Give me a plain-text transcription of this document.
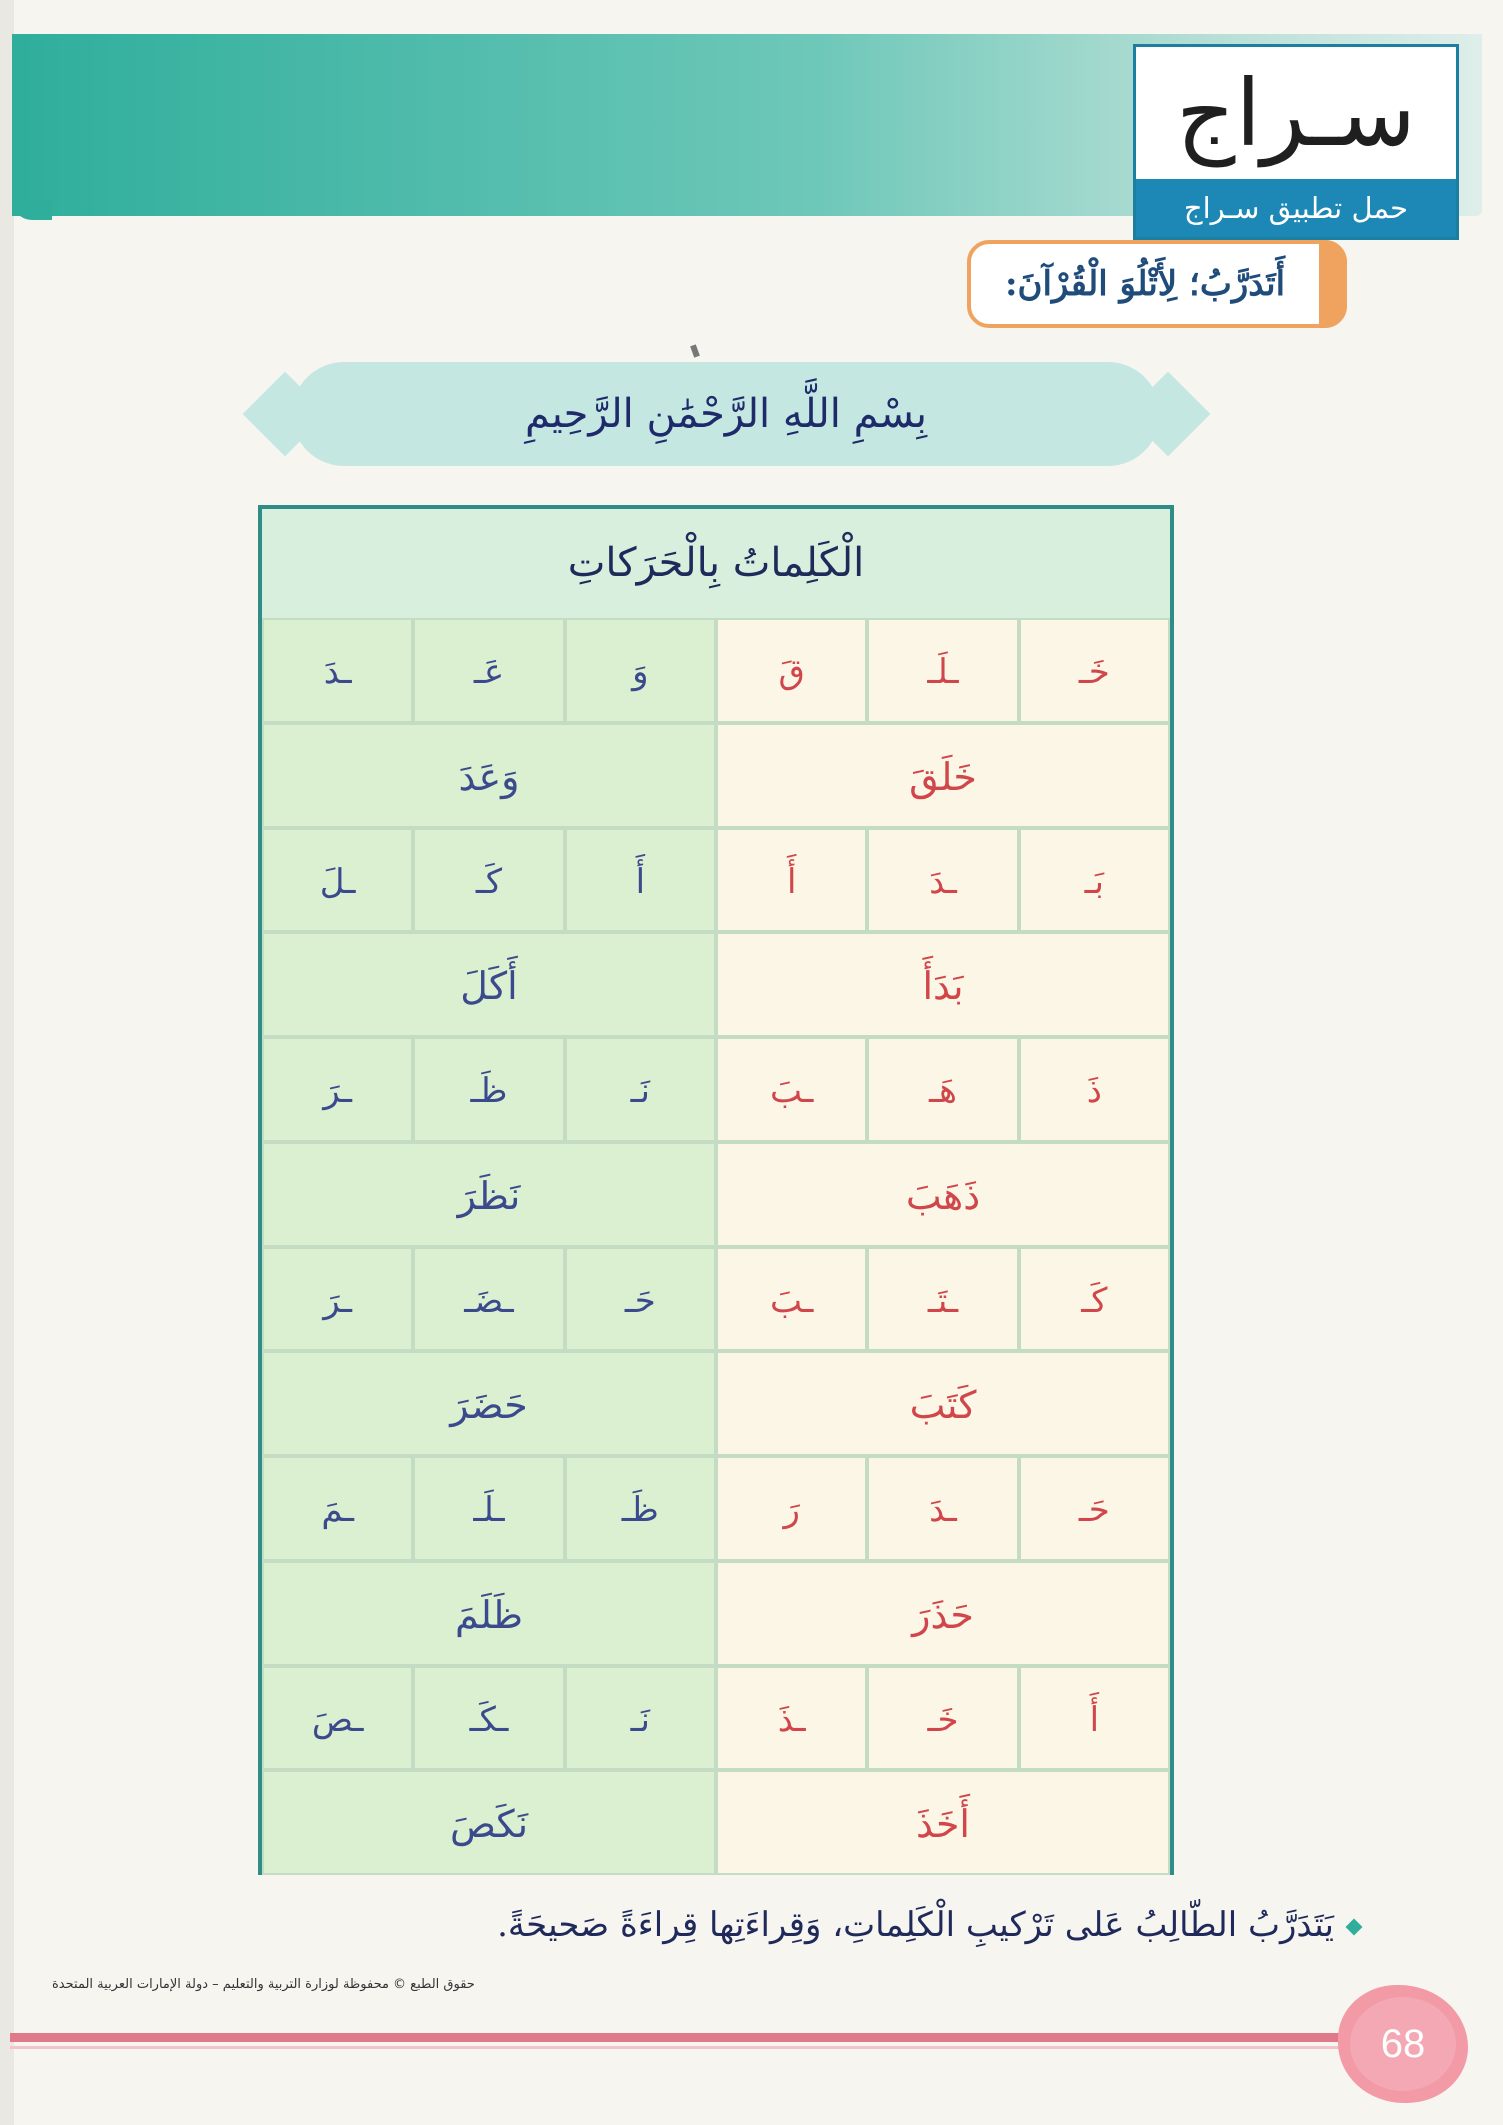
سـراج
حمل تطبيق سـراج
أَتَدَرَّبُ؛ لِأَتْلُوَ الْقُرْآنَ:
بِسْمِ اللَّهِ الرَّحْمَٰنِ الرَّحِيمِ
الْكَلِماتُ بِالْحَرَكاتِ
خَـ
ـلَـ
قَ
وَ
عَـ
ـدَ
خَلَقَ
وَعَدَ
بَـ
ـدَ
أَ
أَ
كَـ
ـلَ
بَدَأَ
أَكَلَ
ذَ
هَـ
ـبَ
نَـ
ظَـ
ـرَ
ذَهَبَ
نَظَرَ
كَـ
ـتَـ
ـبَ
حَـ
ـضَـ
ـرَ
كَتَبَ
حَضَرَ
حَـ
ـدَ
رَ
ظَـ
ـلَـ
ـمَ
حَذَرَ
ظَلَمَ
أَ
خَـ
ـذَ
نَـ
ـكَـ
ـصَ
أَخَذَ
نَكَصَ
يَتَدَرَّبُ الطّالِبُ عَلى تَرْكيبِ الْكَلِماتِ، وَقِراءَتِها قِراءَةً صَحيحَةً.
حقوق الطبع © محفوظة لوزارة التربية والتعليم – دولة الإمارات العربية المتحدة
68
